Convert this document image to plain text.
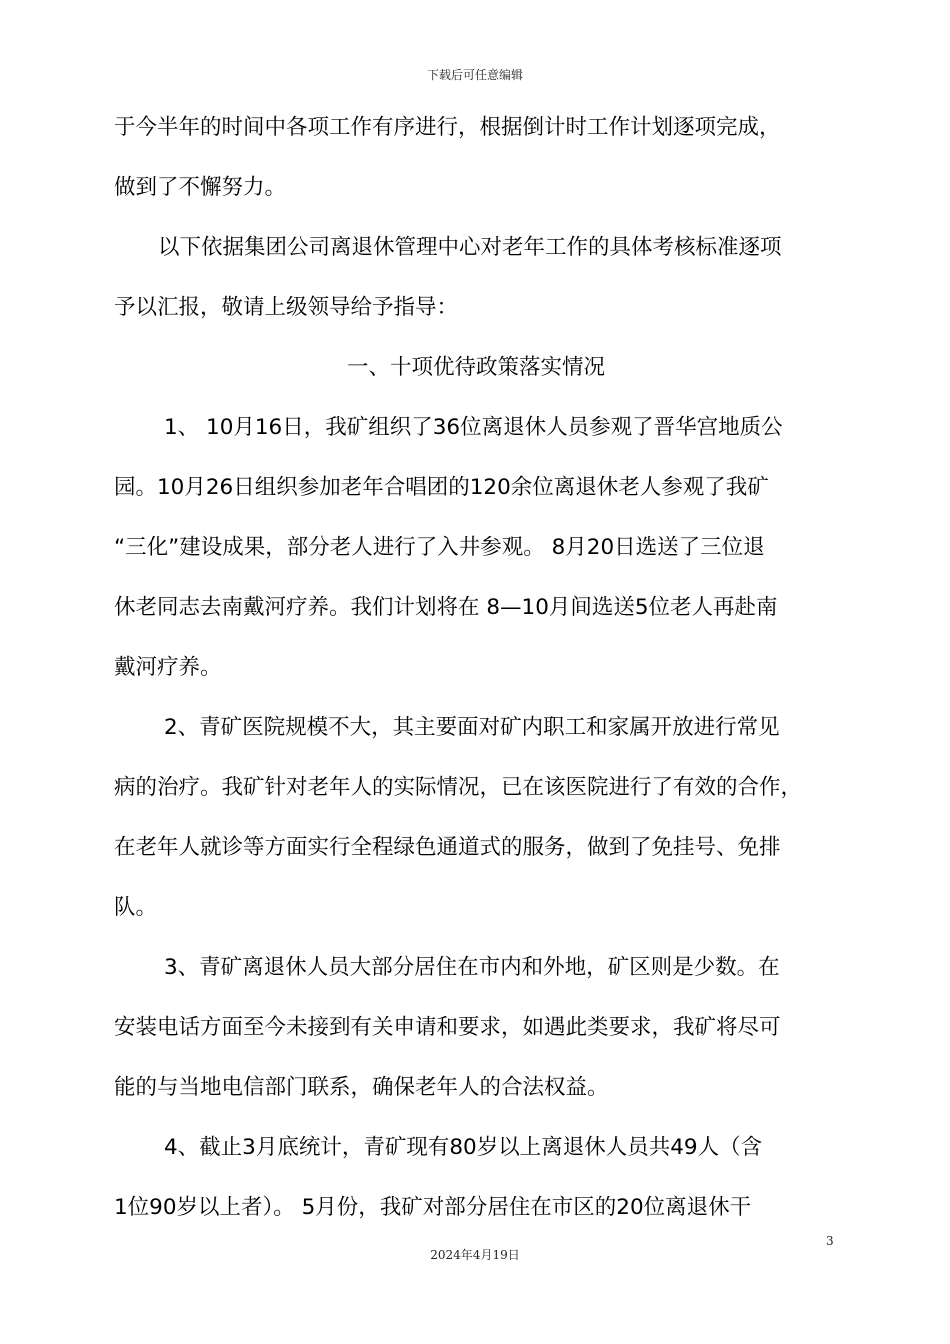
下载后可任意编辑
于今半年的时间中各项工作有序进行，根据倒计时工作计划逐项完成，
做到了不懈努力。
以下依据集团公司离退休管理中心对老年工作的具体考核标准逐项
予以汇报，敬请上级领导给予指导：
一、十项优待政策落实情况
1、 10月16日，我矿组织了36位离退休人员参观了晋华宫地质公
园。10月26日组织参加老年合唱团的120余位离退休老人参观了我矿
“三化”建设成果，部分老人进行了入井参观。 8月20日选送了三位退
休老同志去南戴河疗养。我们计划将在 8—10月间选送5位老人再赴南
戴河疗养。
2、青矿医院规模不大，其主要面对矿内职工和家属开放进行常见
病的治疗。我矿针对老年人的实际情况，已在该医院进行了有效的合作，
在老年人就诊等方面实行全程绿色通道式的服务，做到了免挂号、免排
队。
3、青矿离退休人员大部分居住在市内和外地，矿区则是少数。在
安装电话方面至今未接到有关申请和要求，如遇此类要求，我矿将尽可
能的与当地电信部门联系，确保老年人的合法权益。
4、截止3月底统计，青矿现有80岁以上离退休人员共49人（含
1位90岁以上者）。 5月份，我矿对部分居住在市区的20位离退休干
3
2024年4月19日
